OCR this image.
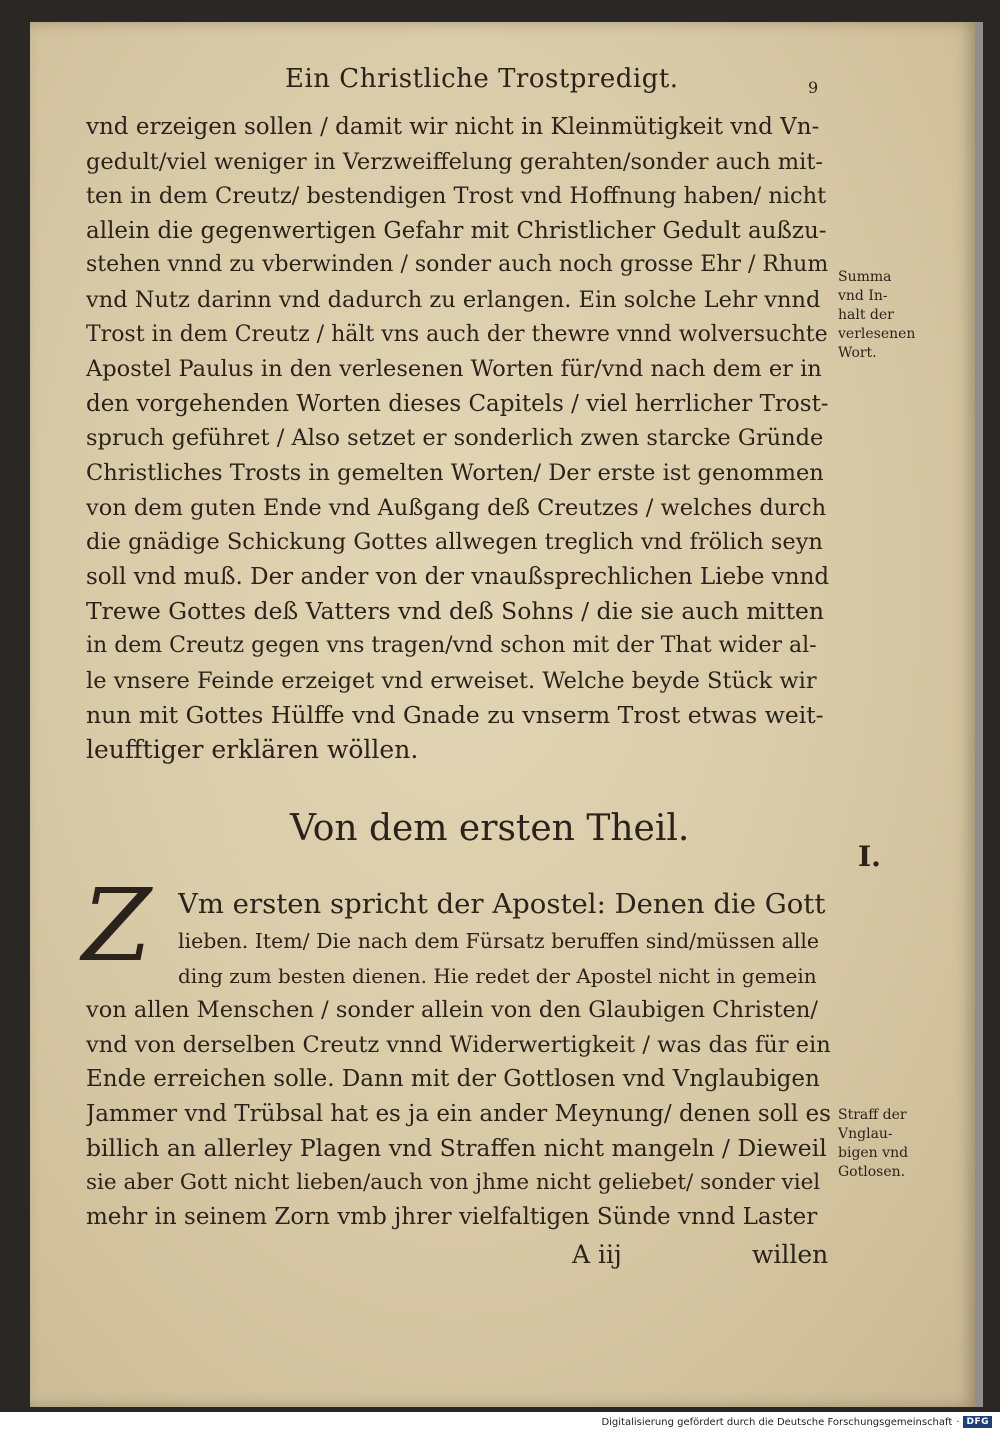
Ein Christliche Trostpredigt.	9
vnd erzeigen sollen / damit wir nicht in Kleinmütigkeit vnd Vn-
gedult/viel weniger in Verzweiffelung gerahten/sonder auch mit-
ten in dem Creutz/ bestendigen Trost vnd Hoffnung haben/ nicht
allein die gegenwertigen Gefahr mit Christlicher Gedult außzu-
stehen vnnd zu vberwinden / sonder auch noch grosse Ehr / Rhum
vnd Nutz darinn vnd dadurch zu erlangen. Ein solche Lehr vnnd
Trost in dem Creutz / hält vns auch der thewre vnnd wolversuchte
Apostel Paulus in den verlesenen Worten für/vnd nach dem er in
den vorgehenden Worten dieses Capitels / viel herrlicher Trost-
spruch geführet / Also setzet er sonderlich zwen starcke Gründe
Christliches Trosts in gemelten Worten/ Der erste ist genommen
von dem guten Ende vnd Außgang deß Creutzes / welches durch
die gnädige Schickung Gottes allwegen treglich vnd frölich seyn
soll vnd muß. Der ander von der vnaußsprechlichen Liebe vnnd
Trewe Gottes deß Vatters vnd deß Sohns / die sie auch mitten
in dem Creutz gegen vns tragen/vnd schon mit der That wider al-
le vnsere Feinde erzeiget vnd erweiset. Welche beyde Stück wir
nun mit Gottes Hülffe vnd Gnade zu vnserm Trost etwas weit-
leufftiger erklären wöllen.
Summa
vnd In-
halt der
verlesenen
Wort.
Von dem ersten Theil.
I.
Z Vm ersten spricht der Apostel: Denen die Gott
lieben. Item/ Die nach dem Fürsatz beruffen sind/müssen alle
ding zum besten dienen. Hie redet der Apostel nicht in gemein
von allen Menschen / sonder allein von den Glaubigen Christen/
vnd von derselben Creutz vnnd Widerwertigkeit / was das für ein
Ende erreichen solle. Dann mit der Gottlosen vnd Vnglaubigen
Jammer vnd Trübsal hat es ja ein ander Meynung/ denen soll es
billich an allerley Plagen vnd Straffen nicht mangeln / Dieweil
sie aber Gott nicht lieben/auch von jhme nicht geliebet/ sonder viel
mehr in seinem Zorn vmb jhrer vielfaltigen Sünde vnnd Laster
Straff der
Vnglau-
bigen vnd
Gotlosen.
A iij	willen
Digitalisierung gefördert durch die Deutsche Forschungsgemeinschaft · DFG
